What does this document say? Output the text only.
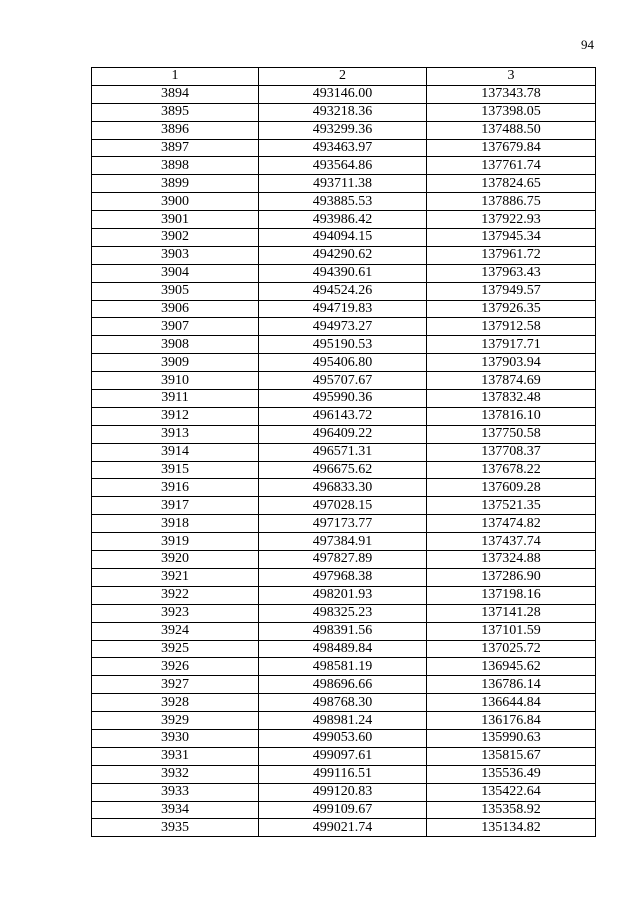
94
1	2	3
3894	493146.00	137343.78
3895	493218.36	137398.05
3896	493299.36	137488.50
3897	493463.97	137679.84
3898	493564.86	137761.74
3899	493711.38	137824.65
3900	493885.53	137886.75
3901	493986.42	137922.93
3902	494094.15	137945.34
3903	494290.62	137961.72
3904	494390.61	137963.43
3905	494524.26	137949.57
3906	494719.83	137926.35
3907	494973.27	137912.58
3908	495190.53	137917.71
3909	495406.80	137903.94
3910	495707.67	137874.69
3911	495990.36	137832.48
3912	496143.72	137816.10
3913	496409.22	137750.58
3914	496571.31	137708.37
3915	496675.62	137678.22
3916	496833.30	137609.28
3917	497028.15	137521.35
3918	497173.77	137474.82
3919	497384.91	137437.74
3920	497827.89	137324.88
3921	497968.38	137286.90
3922	498201.93	137198.16
3923	498325.23	137141.28
3924	498391.56	137101.59
3925	498489.84	137025.72
3926	498581.19	136945.62
3927	498696.66	136786.14
3928	498768.30	136644.84
3929	498981.24	136176.84
3930	499053.60	135990.63
3931	499097.61	135815.67
3932	499116.51	135536.49
3933	499120.83	135422.64
3934	499109.67	135358.92
3935	499021.74	135134.82
